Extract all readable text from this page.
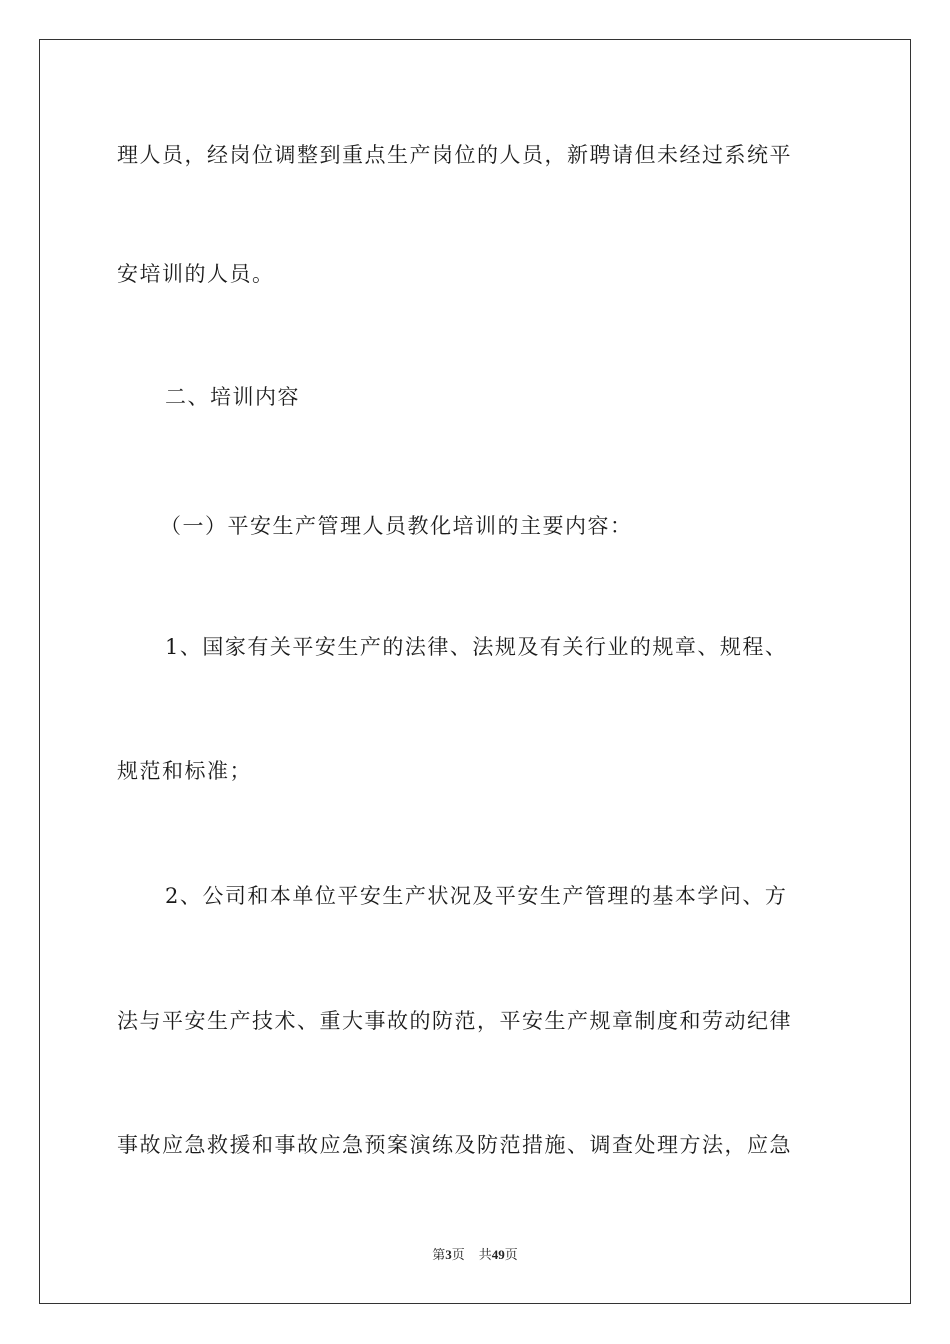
理人员，经岗位调整到重点生产岗位的人员，新聘请但未经过系统平
安培训的人员。
二、培训内容
（一）平安生产管理人员教化培训的主要内容：
1、国家有关平安生产的法律、法规及有关行业的规章、规程、
规范和标准；
2、公司和本单位平安生产状况及平安生产管理的基本学问、方
法与平安生产技术、重大事故的防范，平安生产规章制度和劳动纪律
事故应急救援和事故应急预案演练及防范措施、调查处理方法，应急
第3页 共49页
